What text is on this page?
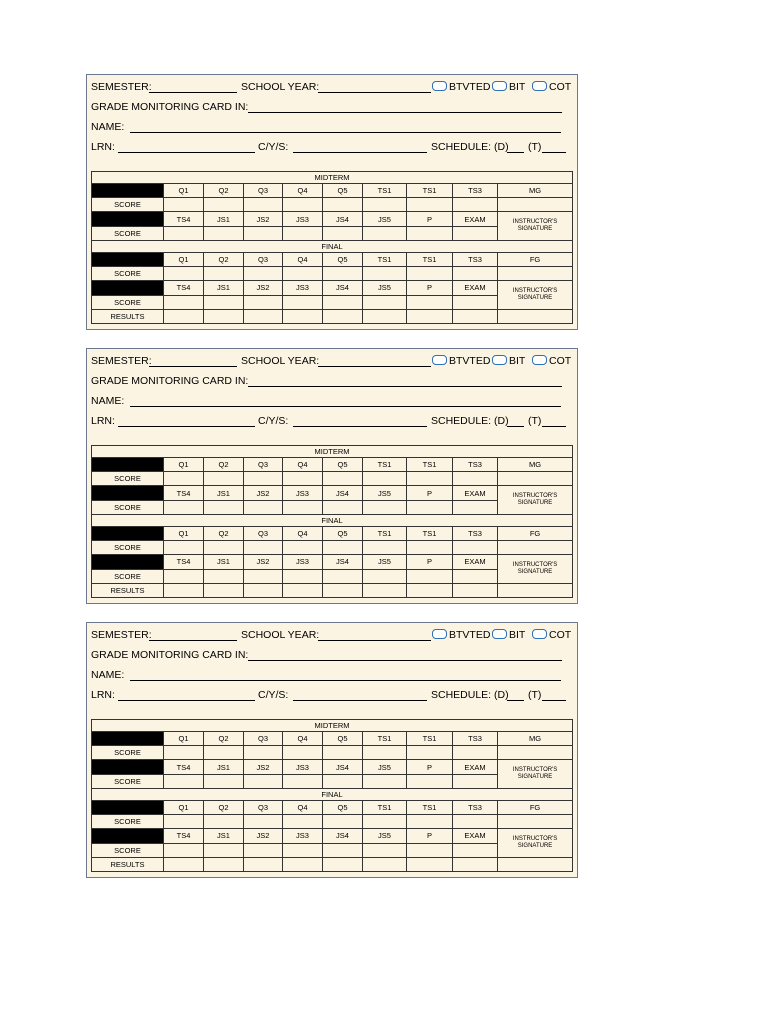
SEMESTER:	SCHOOL YEAR:	BTVTED BIT COT
GRADE MONITORING CARD IN:
NAME:
LRN:	C/Y/S:	SCHEDULE: (D) (T)
MIDTERM									
	Q1	Q2	Q3	Q4	Q5	TS1	TS1	TS3	MG
SCORE									
	TS4	JS1	JS2	JS3	JS4	JS5	P	EXAM	INSTRUCTOR'S SIGNATURE
SCORE									
FINAL									
	Q1	Q2	Q3	Q4	Q5	TS1	TS1	TS3	FG
SCORE									
	TS4	JS1	JS2	JS3	JS4	JS5	P	EXAM	INSTRUCTOR'S SIGNATURE
SCORE									
RESULTS									
SEMESTER:	SCHOOL YEAR:	BTVTED BIT COT
GRADE MONITORING CARD IN:
NAME:
LRN:	C/Y/S:	SCHEDULE: (D) (T)
MIDTERM									
	Q1	Q2	Q3	Q4	Q5	TS1	TS1	TS3	MG
SCORE									
	TS4	JS1	JS2	JS3	JS4	JS5	P	EXAM	INSTRUCTOR'S SIGNATURE
SCORE									
FINAL									
	Q1	Q2	Q3	Q4	Q5	TS1	TS1	TS3	FG
SCORE									
	TS4	JS1	JS2	JS3	JS4	JS5	P	EXAM	INSTRUCTOR'S SIGNATURE
SCORE									
RESULTS									
SEMESTER:	SCHOOL YEAR:	BTVTED BIT COT
GRADE MONITORING CARD IN:
NAME:
LRN:	C/Y/S:	SCHEDULE: (D) (T)
MIDTERM									
	Q1	Q2	Q3	Q4	Q5	TS1	TS1	TS3	MG
SCORE									
	TS4	JS1	JS2	JS3	JS4	JS5	P	EXAM	INSTRUCTOR'S SIGNATURE
SCORE									
FINAL									
	Q1	Q2	Q3	Q4	Q5	TS1	TS1	TS3	FG
SCORE									
	TS4	JS1	JS2	JS3	JS4	JS5	P	EXAM	INSTRUCTOR'S SIGNATURE
SCORE									
RESULTS									
